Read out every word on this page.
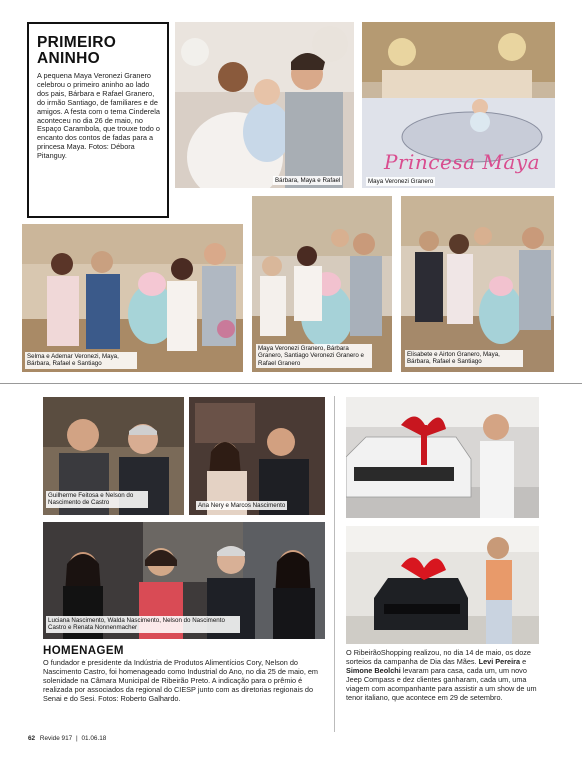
PRIMEIRO
ANINHO
A pequena Maya Veronezi Granero celebrou o primeiro aninho ao lado dos pais, Bárbara e Rafael Granero, do irmão Santiago, de familiares e de amigos. A festa com o tema Cinderela aconteceu no dia 26 de maio, no Espaço Carambola, que trouxe todo o encanto dos contos de fadas para a princesa Maya. Fotos: Débora Pitanguy.
Bárbara, Maya e Rafael
Princesa Maya
Maya Veronezi Granero
Selma e Ademar Veronezi, Maya, Bárbara, Rafael e Santiago
Maya Veronezi Granero, Bárbara Granero, Santiago Veronezi Granero e Rafael Granero
Elisabete e Airton Granero, Maya, Bárbara, Rafael e Santiago
Guilherme Feitosa e Nelson do Nascimento de Castro	Ana Nery e Marcos Nascimento
Luciana Nascimento, Walda Nascimento, Nelson do Nascimento Castro e Renata Nonnenmacher
HOMENAGEM
O fundador e presidente da Indústria de Produtos Alimentícios Cory, Nelson do Nascimento Castro, foi homenageado como Industrial do Ano, no dia 25 de maio, em solenidade na Câmara Municipal de Ribeirão Preto. A indicação para o prêmio é realizada por associados da regional do CIESP junto com as diretorias regionais do Senai e do Sesi. Fotos: Roberto Galhardo.
O RibeirãoShopping realizou, no dia 14 de maio, os doze sorteios da campanha de Dia das Mães. Levi Pereira e Simone Beolchi levaram para casa, cada um, um novo Jeep Compass e dez clientes ganharam, cada um, uma viagem com acompanhante para assistir a um show de um tenor italiano, que acontece em 29 de setembro.
62 Revide 917 | 01.06.18
